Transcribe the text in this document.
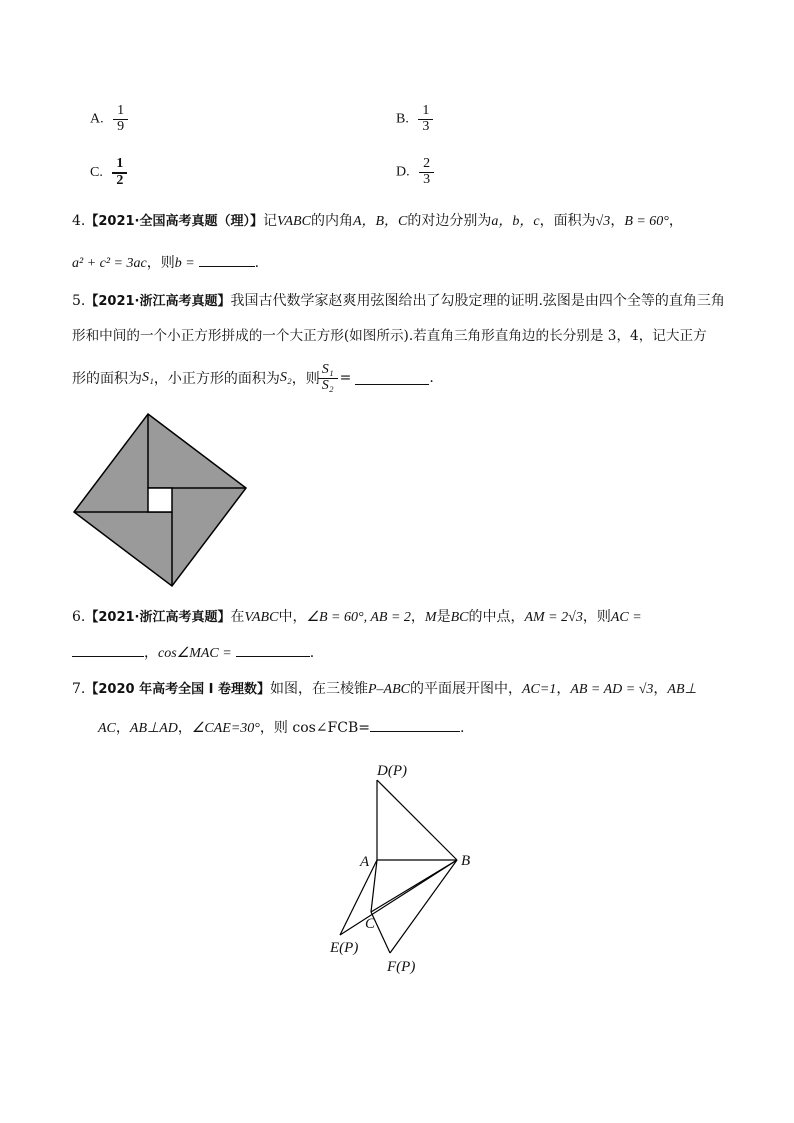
A. $\frac{1}{9}$	B. $\frac{1}{3}$
C. $\frac{1}{2}$	D. $\frac{2}{3}$
4.【2021·全国高考真题（理）】记VABC的内角A，B，C的对边分别为a，b，c，面积为√3，B = 60°，
a² + c² = 3ac，则b =	.
5.【2021·浙江高考真题】我国古代数学家赵爽用弦图给出了勾股定理的证明.弦图是由四个全等的直角三角
形和中间的一个小正方形拼成的一个大正方形(如图所示).若直角三角形直角边的长分别是 3，4，记大正方
形的面积为 S₁ ，小正方形的面积为 S₂ ，则 $\frac{\text{S₁}}{\text{S₂}}$ =	.
6.【2021·浙江高考真题】在VABC中，∠B = 60°, AB = 2，M是BC的中点，AM = 2√3，则AC =
，cos∠MAC =	.
7.【2020 年高考全国 I 卷理数】如图，在三棱锥P–ABC的平面展开图中，AC=1，AB = AD = √3，AB⊥
AC，AB⊥AD，∠CAE=30°，则 cos∠FCB=	.
D(P)
A	B
C
E(P)
F(P)
